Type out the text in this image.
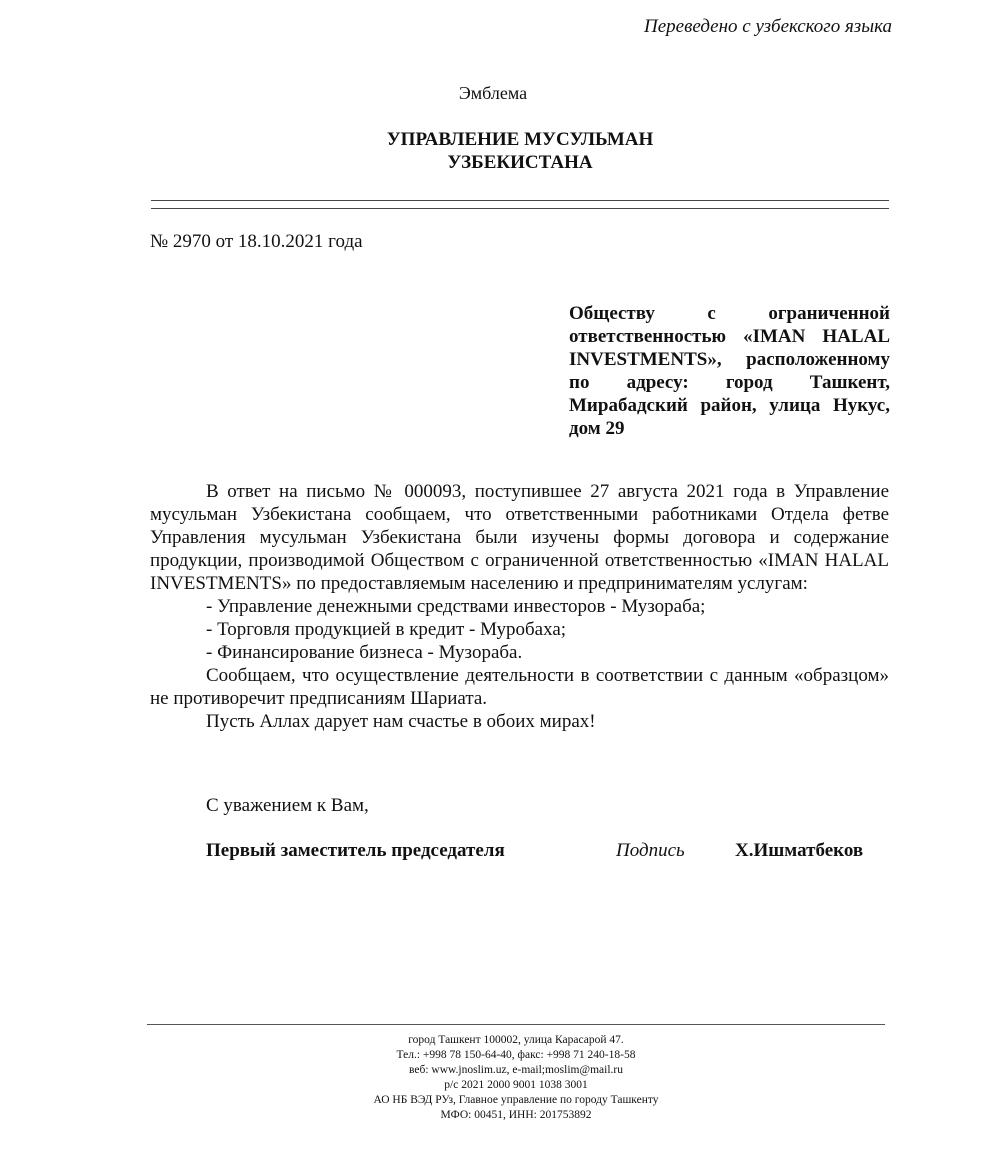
Переведено с узбекского языка
Эмблема
УПРАВЛЕНИЕ МУСУЛЬМАН
УЗБЕКИСТАНА
№ 2970 от 18.10.2021 года
Обществу с ограниченной ответственностью «IMAN HALAL INVESTMENTS», расположенному по адресу: город Ташкент, Мирабадский район, улица Нукус, дом 29

В ответ на письмо № 000093, поступившее 27 августа 2021 года в Управление мусульман Узбекистана сообщаем, что ответственными работниками Отдела фетве Управления мусульман Узбекистана были изучены формы договора и содержание продукции, производимой Обществом с ограниченной ответственностью «IMAN HALAL INVESTMENTS» по предоставляемым населению и предпринимателям услугам:

- Управление денежными средствами инвесторов - Музораба;

- Торговля продукцией в кредит - Муробаха;

- Финансирование бизнеса - Музораба.

Сообщаем, что осуществление деятельности в соответствии с данным «образцом» не противоречит предписаниям Шариата.

Пусть Аллах дарует нам счастье в обоих мирах!

С уважением к Вам,
Первый заместитель председателя	Подпись	Х.Ишматбеков
город Ташкент 100002, улица Карасарой 47.
Тел.: +998 78 150-64-40, факс: +998 71 240-18-58
веб: www.jnoslim.uz, e-mail;moslim@mail.ru
р/с 2021 2000 9001 1038 3001
АО НБ ВЭД РУз, Главное управление по городу Ташкенту
МФО: 00451, ИНН: 201753892
